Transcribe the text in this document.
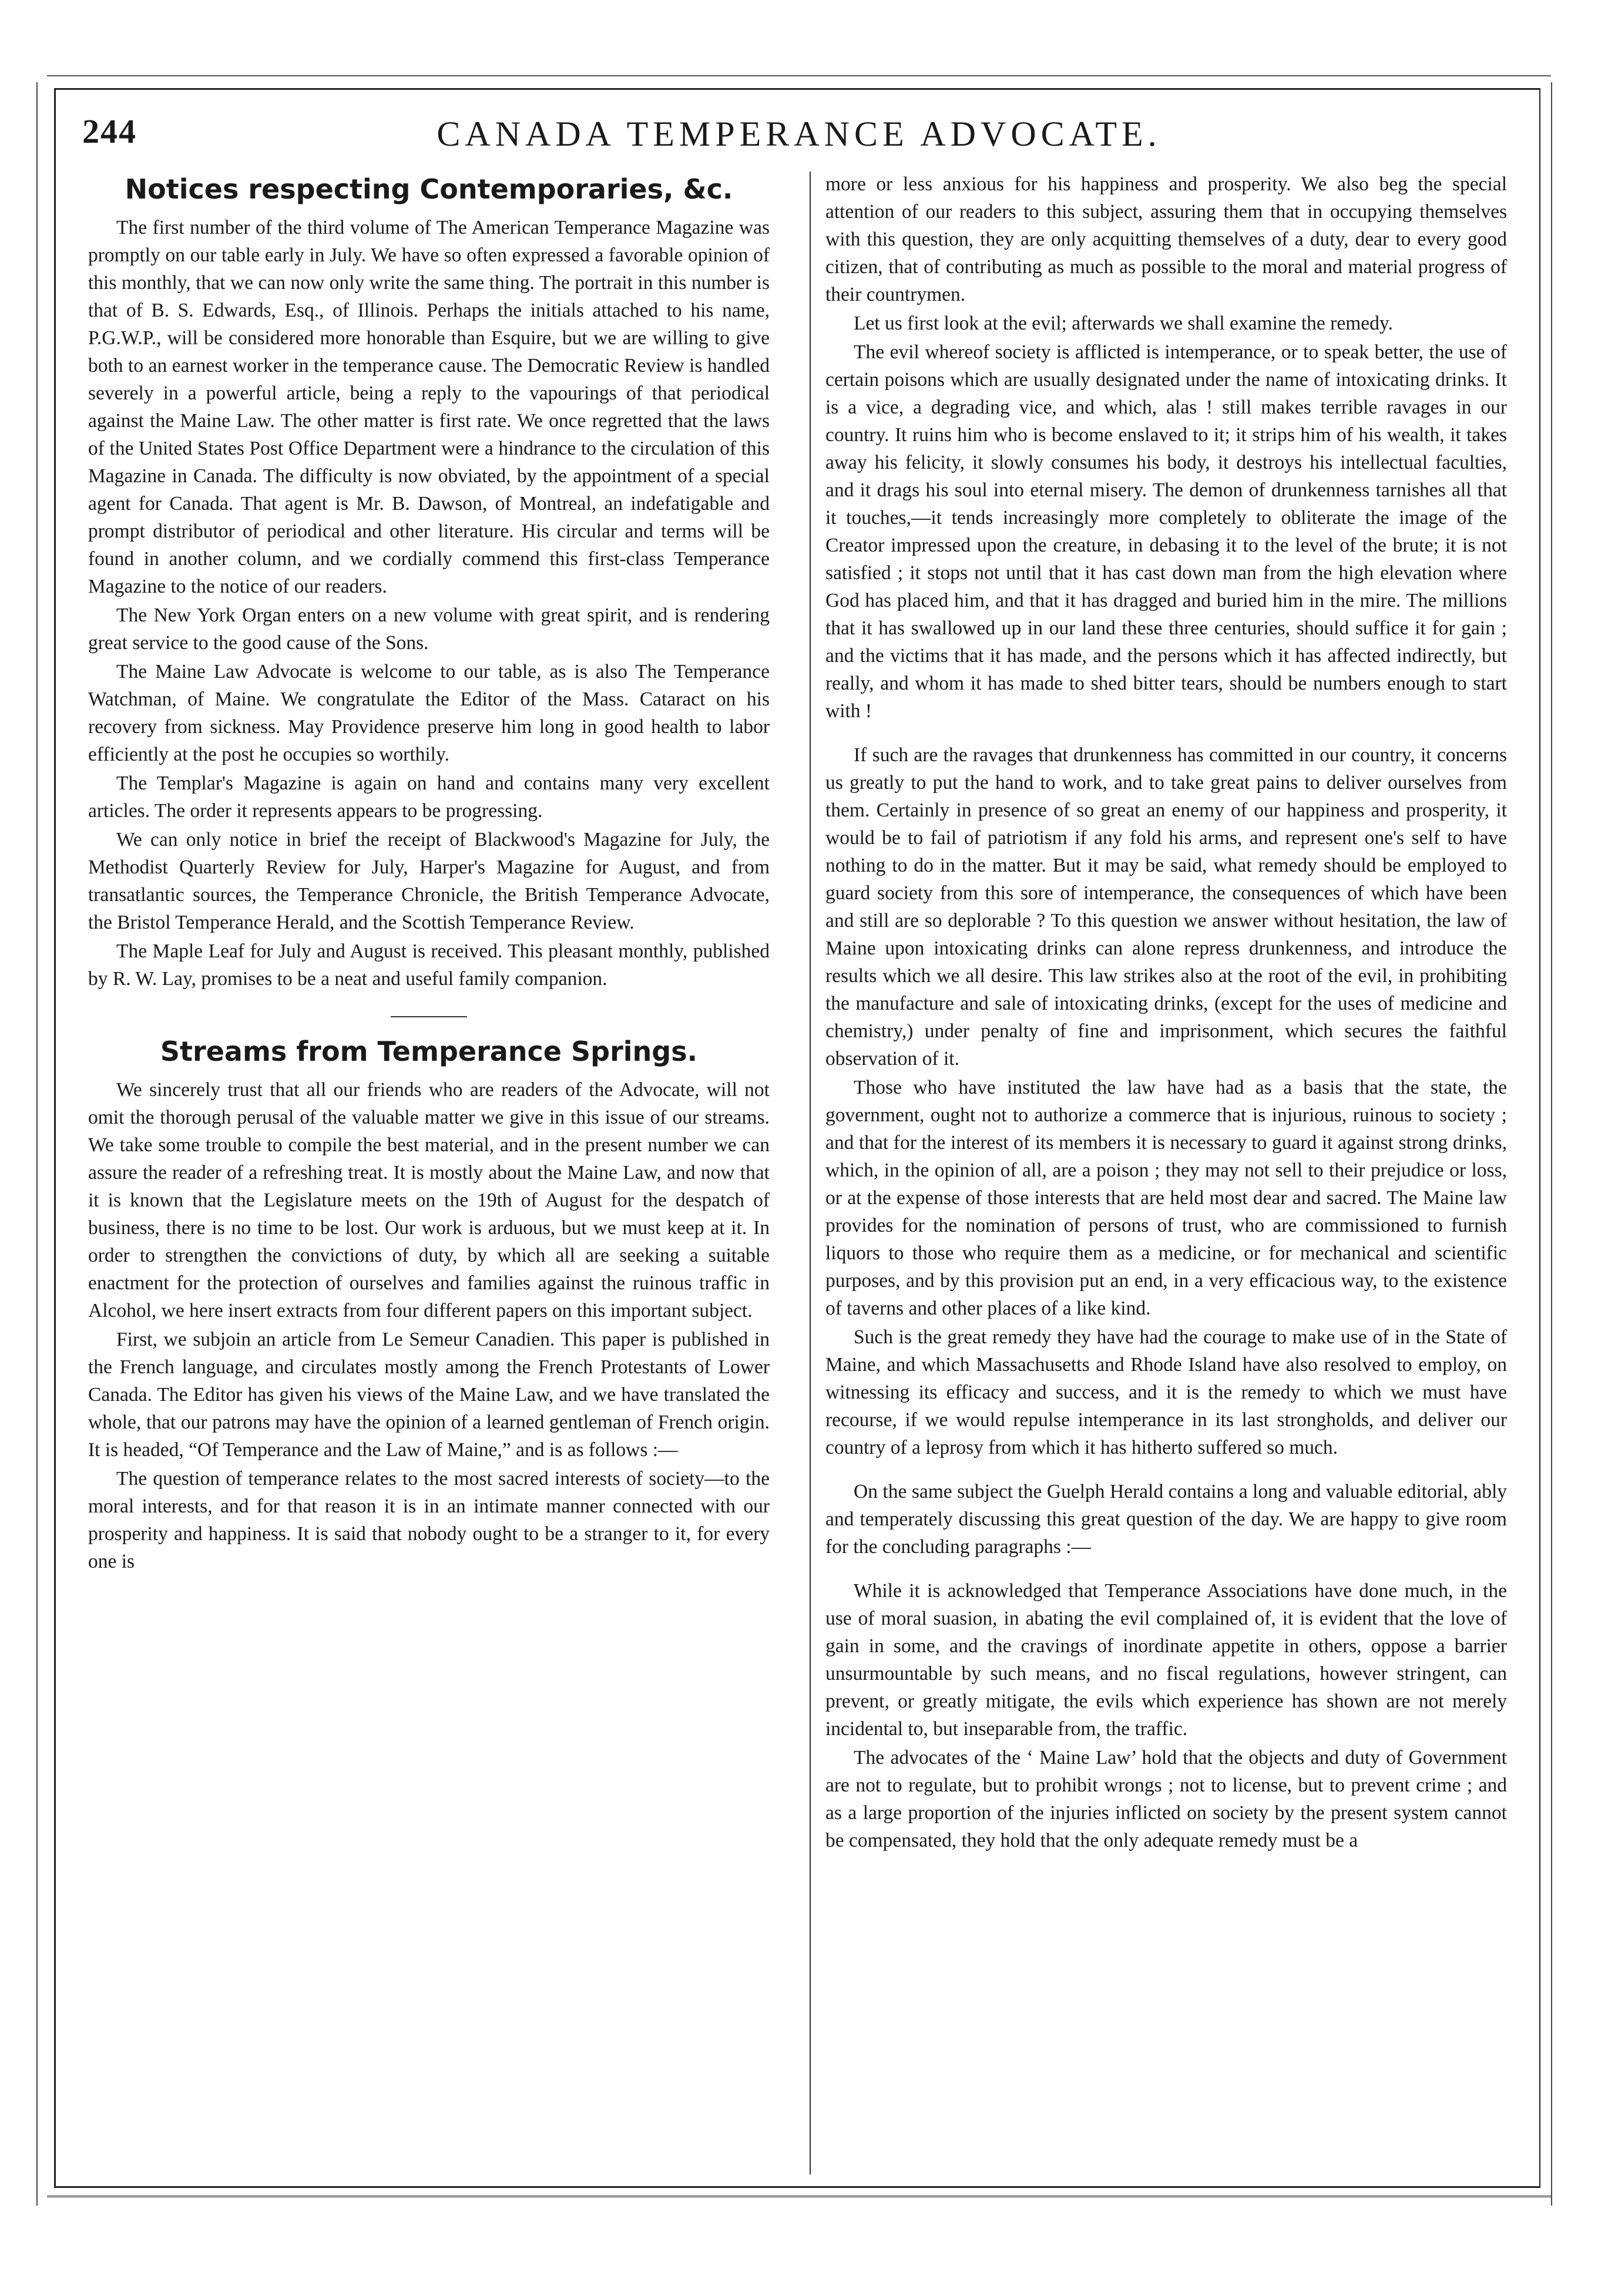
CANADA TEMPERANCE ADVOCATE.
244
Notices respecting Contemporaries, &c.

The first number of the third volume of The American Temperance Magazine was promptly on our table early in July. We have so often expressed a favorable opinion of this monthly, that we can now only write the same thing. The portrait in this number is that of B. S. Edwards, Esq., of Illinois. Perhaps the initials attached to his name, P.G.W.P., will be considered more honorable than Esquire, but we are willing to give both to an earnest worker in the temperance cause. The Democratic Review is handled severely in a powerful article, being a reply to the vapourings of that periodical against the Maine Law. The other matter is first rate. We once regretted that the laws of the United States Post Office Department were a hindrance to the circulation of this Magazine in Canada. The difficulty is now obviated, by the appointment of a special agent for Canada. That agent is Mr. B. Dawson, of Montreal, an indefatigable and prompt distributor of periodical and other literature. His circular and terms will be found in another column, and we cordially commend this first-class Temperance Magazine to the notice of our readers.

The New York Organ enters on a new volume with great spirit, and is rendering great service to the good cause of the Sons.

The Maine Law Advocate is welcome to our table, as is also The Temperance Watchman, of Maine. We congratulate the Editor of the Mass. Cataract on his recovery from sickness. May Providence preserve him long in good health to labor efficiently at the post he occupies so worthily.

The Templar's Magazine is again on hand and contains many very excellent articles. The order it represents appears to be progressing.

We can only notice in brief the receipt of Blackwood's Magazine for July, the Methodist Quarterly Review for July, Harper's Magazine for August, and from transatlantic sources, the Temperance Chronicle, the British Temperance Advocate, the Bristol Temperance Herald, and the Scottish Temperance Review.

The Maple Leaf for July and August is received. This pleasant monthly, published by R. W. Lay, promises to be a neat and useful family companion.

Streams from Temperance Springs.

We sincerely trust that all our friends who are readers of the Advocate, will not omit the thorough perusal of the valuable matter we give in this issue of our streams. We take some trouble to compile the best material, and in the present number we can assure the reader of a refreshing treat. It is mostly about the Maine Law, and now that it is known that the Legislature meets on the 19th of August for the despatch of business, there is no time to be lost. Our work is arduous, but we must keep at it. In order to strengthen the convictions of duty, by which all are seeking a suitable enactment for the protection of ourselves and families against the ruinous traffic in Alcohol, we here insert extracts from four different papers on this important subject.

First, we subjoin an article from Le Semeur Canadien. This paper is published in the French language, and circulates mostly among the French Protestants of Lower Canada. The Editor has given his views of the Maine Law, and we have translated the whole, that our patrons may have the opinion of a learned gentleman of French origin. It is headed, “Of Temperance and the Law of Maine,” and is as follows :—

The question of temperance relates to the most sacred interests of society—to the moral interests, and for that reason it is in an intimate manner connected with our prosperity and happiness. It is said that nobody ought to be a stranger to it, for every one is

more or less anxious for his happiness and prosperity. We also beg the special attention of our readers to this subject, assuring them that in occupying themselves with this question, they are only acquitting themselves of a duty, dear to every good citizen, that of contributing as much as possible to the moral and material progress of their countrymen.

Let us first look at the evil; afterwards we shall examine the remedy.

The evil whereof society is afflicted is intemperance, or to speak better, the use of certain poisons which are usually designated under the name of intoxicating drinks. It is a vice, a degrading vice, and which, alas ! still makes terrible ravages in our country. It ruins him who is become enslaved to it; it strips him of his wealth, it takes away his felicity, it slowly consumes his body, it destroys his intellectual faculties, and it drags his soul into eternal misery. The demon of drunkenness tarnishes all that it touches,—it tends increasingly more completely to obliterate the image of the Creator impressed upon the creature, in debasing it to the level of the brute; it is not satisfied ; it stops not until that it has cast down man from the high elevation where God has placed him, and that it has dragged and buried him in the mire. The millions that it has swallowed up in our land these three centuries, should suffice it for gain ; and the victims that it has made, and the persons which it has affected indirectly, but really, and whom it has made to shed bitter tears, should be numbers enough to start with !

If such are the ravages that drunkenness has committed in our country, it concerns us greatly to put the hand to work, and to take great pains to deliver ourselves from them. Certainly in presence of so great an enemy of our happiness and prosperity, it would be to fail of patriotism if any fold his arms, and represent one's self to have nothing to do in the matter. But it may be said, what remedy should be employed to guard society from this sore of intemperance, the consequences of which have been and still are so deplorable ? To this question we answer without hesitation, the law of Maine upon intoxicating drinks can alone repress drunkenness, and introduce the results which we all desire. This law strikes also at the root of the evil, in prohibiting the manufacture and sale of intoxicating drinks, (except for the uses of medicine and chemistry,) under penalty of fine and imprisonment, which secures the faithful observation of it.

Those who have instituted the law have had as a basis that the state, the government, ought not to authorize a commerce that is injurious, ruinous to society ; and that for the interest of its members it is necessary to guard it against strong drinks, which, in the opinion of all, are a poison ; they may not sell to their prejudice or loss, or at the expense of those interests that are held most dear and sacred. The Maine law provides for the nomination of persons of trust, who are commissioned to furnish liquors to those who require them as a medicine, or for mechanical and scientific purposes, and by this provision put an end, in a very efficacious way, to the existence of taverns and other places of a like kind.

Such is the great remedy they have had the courage to make use of in the State of Maine, and which Massachusetts and Rhode Island have also resolved to employ, on witnessing its efficacy and success, and it is the remedy to which we must have recourse, if we would repulse intemperance in its last strongholds, and deliver our country of a leprosy from which it has hitherto suffered so much.

On the same subject the Guelph Herald contains a long and valuable editorial, ably and temperately discussing this great question of the day. We are happy to give room for the concluding paragraphs :—

While it is acknowledged that Temperance Associations have done much, in the use of moral suasion, in abating the evil complained of, it is evident that the love of gain in some, and the cravings of inordinate appetite in others, oppose a barrier unsurmountable by such means, and no fiscal regulations, however stringent, can prevent, or greatly mitigate, the evils which experience has shown are not merely incidental to, but inseparable from, the traffic.

The advocates of the ‘ Maine Law’ hold that the objects and duty of Government are not to regulate, but to prohibit wrongs ; not to license, but to prevent crime ; and as a large proportion of the injuries inflicted on society by the present system cannot be compensated, they hold that the only adequate remedy must be a
